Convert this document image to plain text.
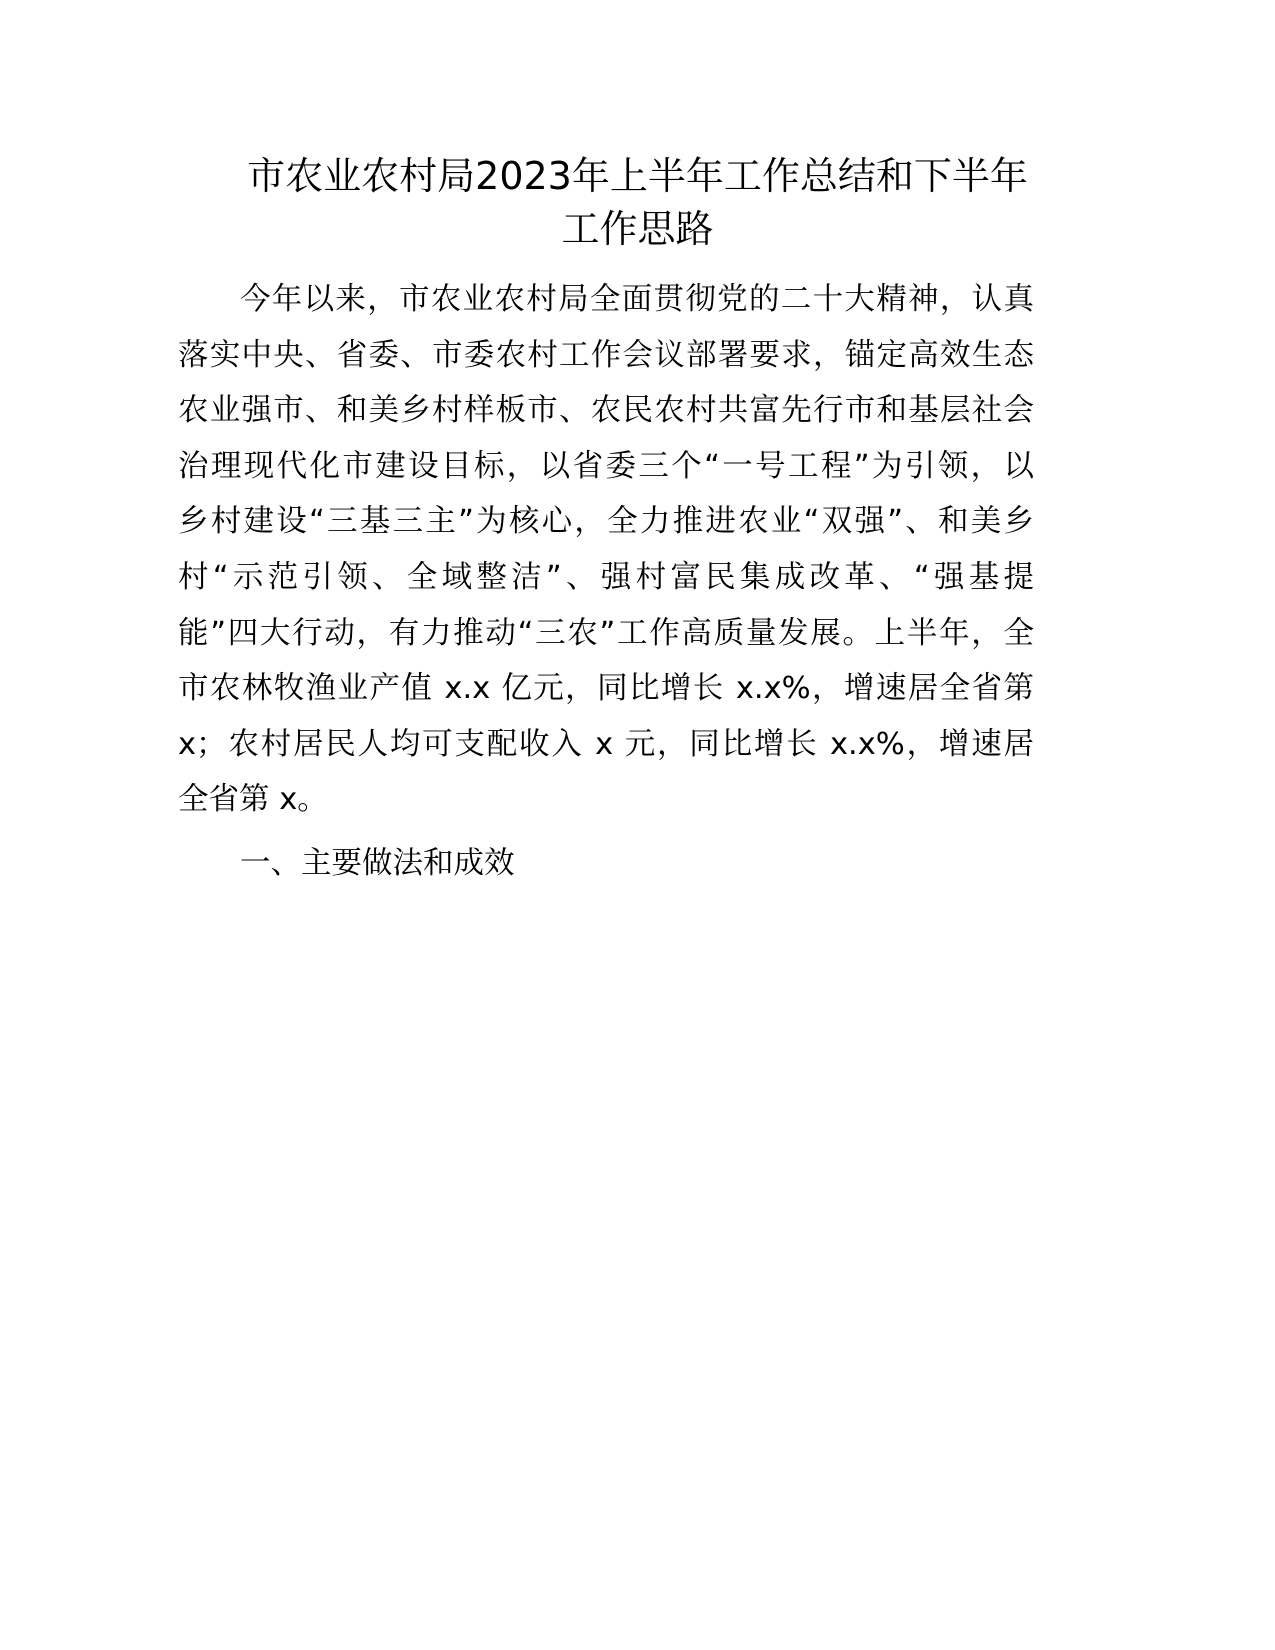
市农业农村局2023年上半年工作总结和下半年
工作思路
今年以来，市农业农村局全面贯彻党的二十大精神，认真
落实中央、省委、市委农村工作会议部署要求，锚定高效生态
农业强市、和美乡村样板市、农民农村共富先行市和基层社会
治理现代化市建设目标，以省委三个“一号工程”为引领，以
乡村建设“三基三主”为核心，全力推进农业“双强”、和美乡
村“示范引领、全域整洁”、强村富民集成改革、“强基提
能”四大行动，有力推动“三农”工作高质量发展。上半年，全
市农林牧渔业产值 x.x 亿元，同比增长 x.x%，增速居全省第
x；农村居民人均可支配收入 x 元，同比增长 x.x%，增速居
全省第 x。
一、主要做法和成效
